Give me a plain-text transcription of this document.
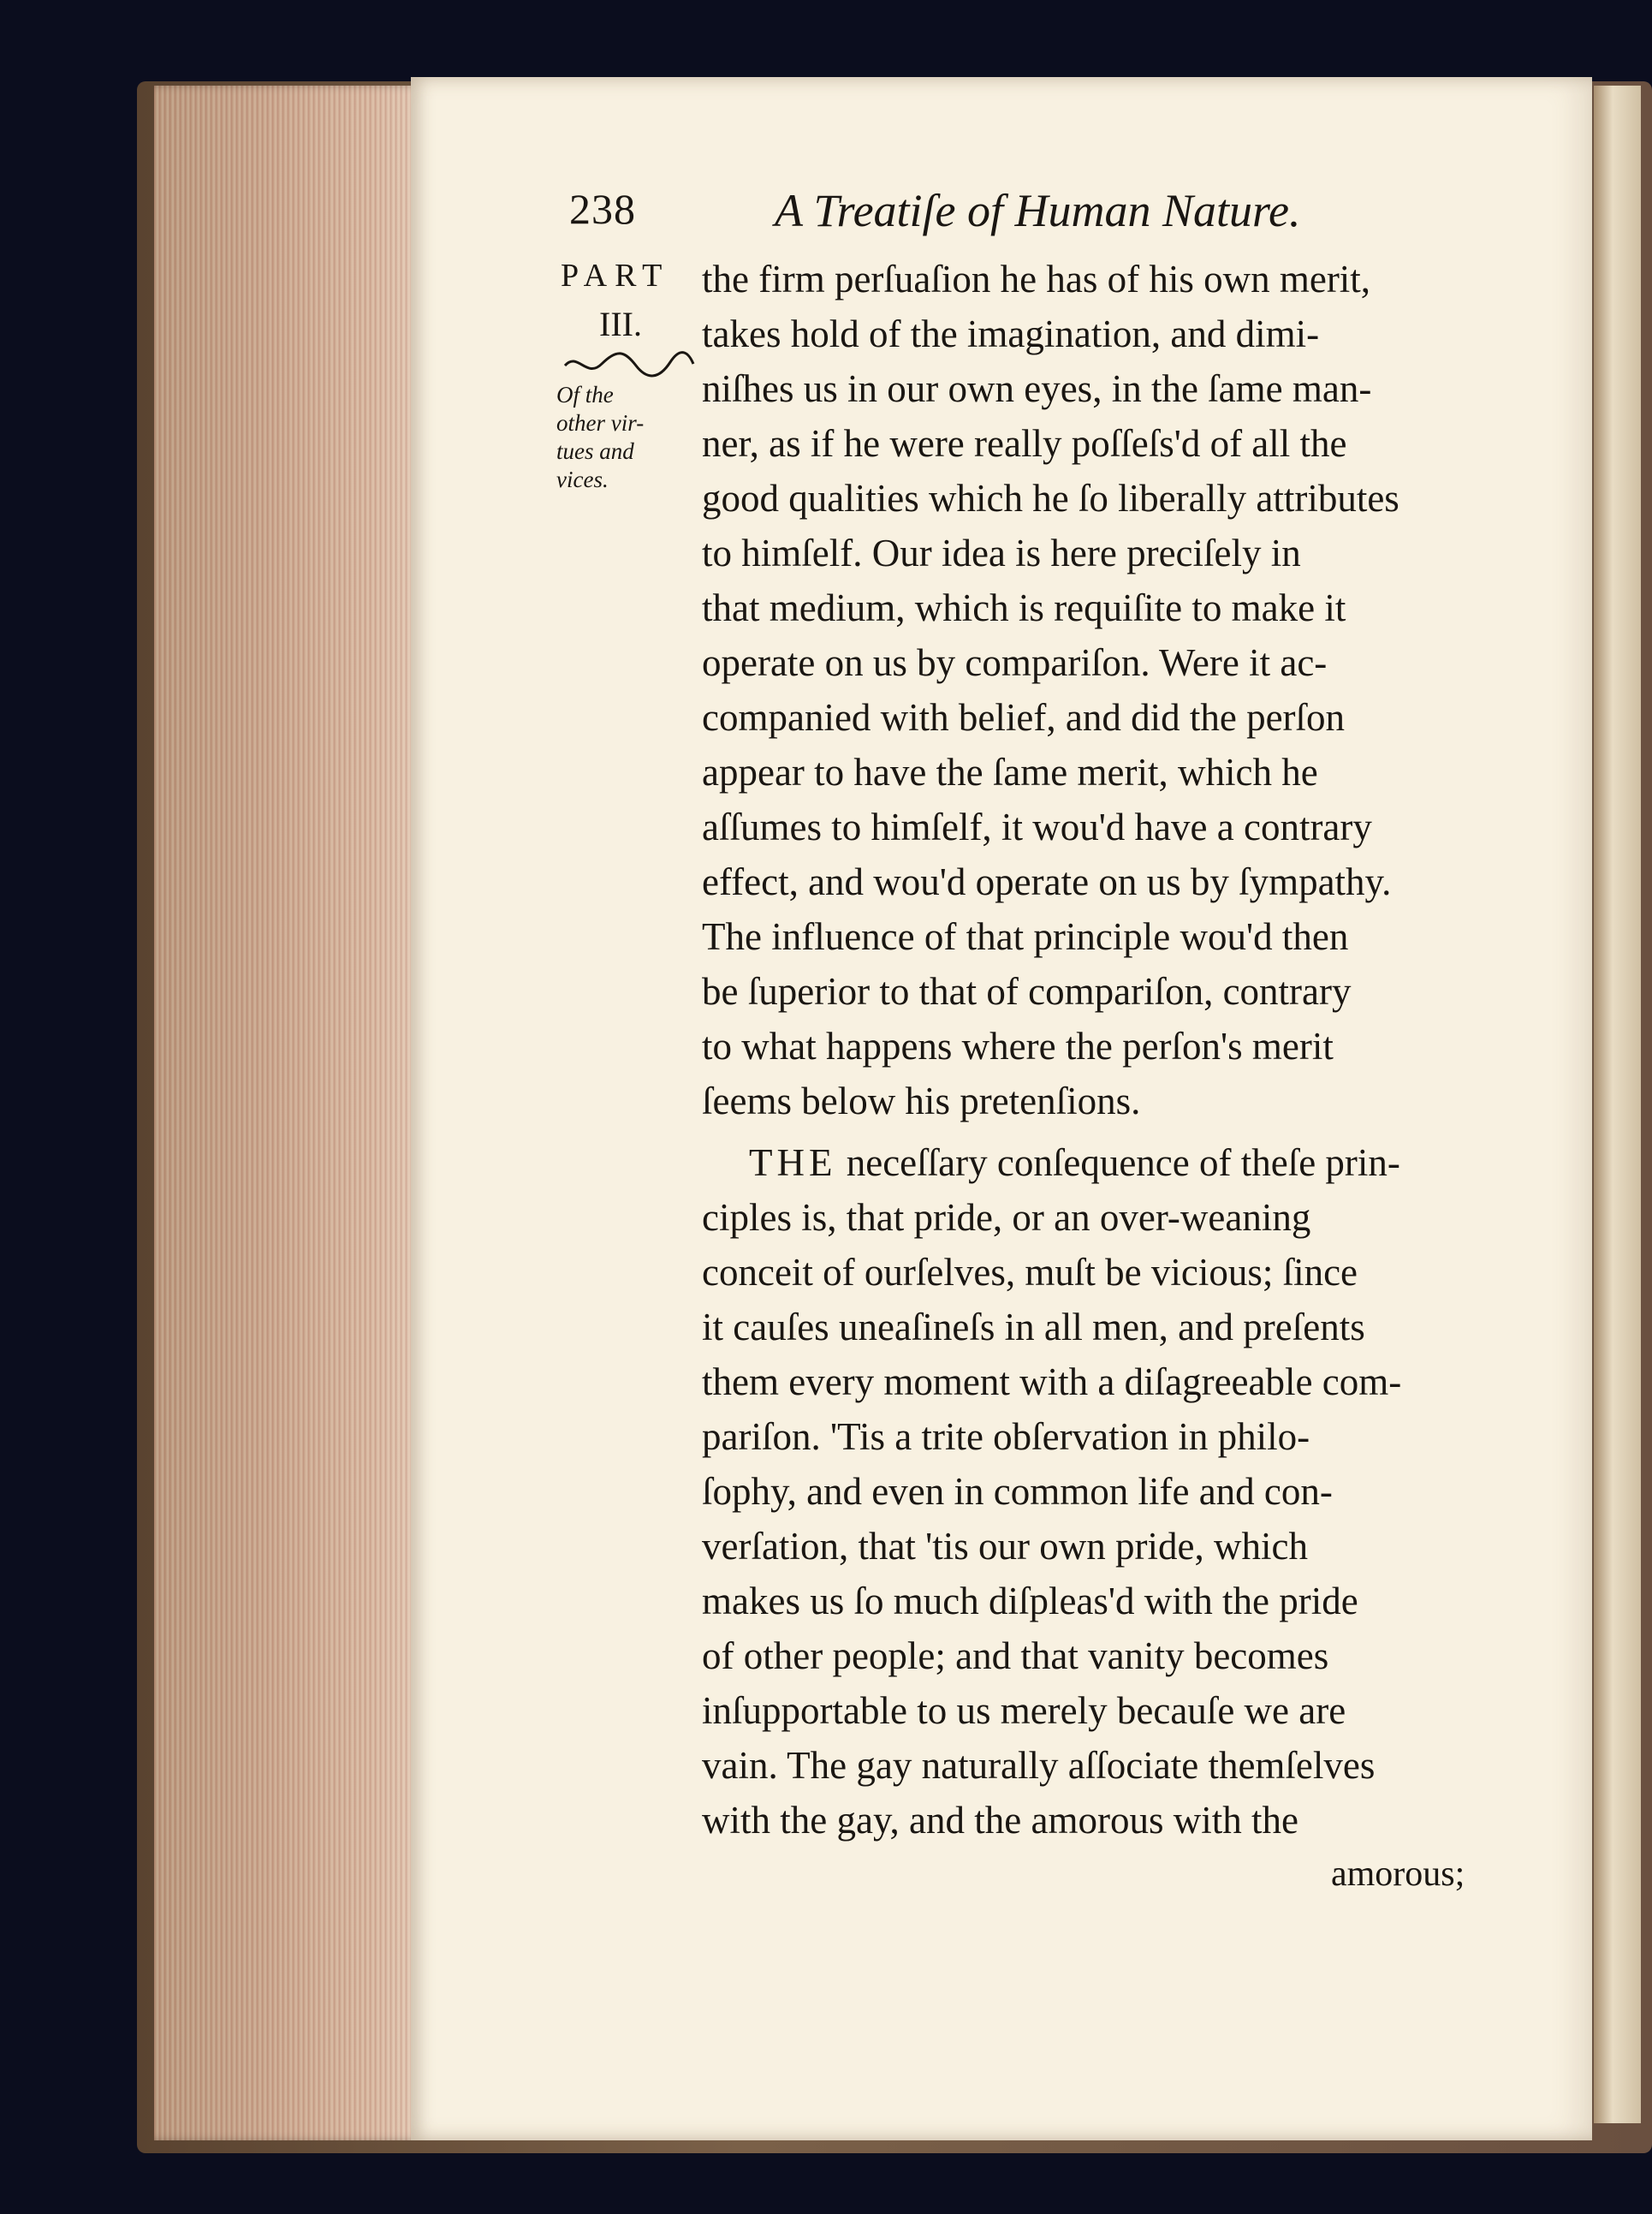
238	A Treatiſe of Human Nature.
PART
III.
Of the
other vir-
tues and
vices.
the firm perſuaſion he has of his own merit,
takes hold of the imagination, and dimi-
niſhes us in our own eyes, in the ſame man-
ner, as if he were really poſſeſs'd of all the
good qualities which he ſo liberally attributes
to himſelf. Our idea is here preciſely in
that medium, which is requiſite to make it
operate on us by compariſon. Were it ac-
companied with belief, and did the perſon
appear to have the ſame merit, which he
aſſumes to himſelf, it wou'd have a contrary
effect, and wou'd operate on us by ſympathy.
The influence of that principle wou'd then
be ſuperior to that of compariſon, contrary
to what happens where the perſon's merit
ſeems below his pretenſions.
THE neceſſary conſequence of theſe prin-
ciples is, that pride, or an over-weaning
conceit of ourſelves, muſt be vicious; ſince
it cauſes uneaſineſs in all men, and preſents
them every moment with a diſagreeable com-
pariſon. 'Tis a trite obſervation in philo-
ſophy, and even in common life and con-
verſation, that 'tis our own pride, which
makes us ſo much diſpleas'd with the pride
of other people; and that vanity becomes
inſupportable to us merely becauſe we are
vain. The gay naturally aſſociate themſelves
with the gay, and the amorous with the
amorous;
